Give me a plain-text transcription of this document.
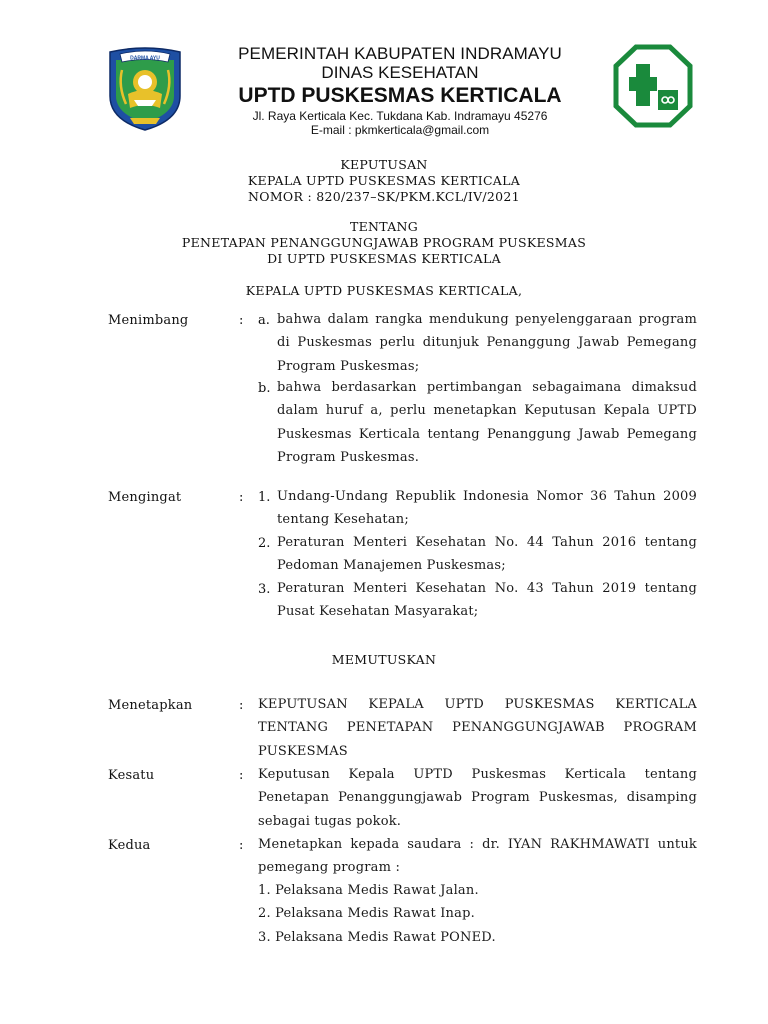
DARMA AYU	PEMERINTAH KABUPATEN INDRAMAYU
DINAS KESEHATAN
UPTD PUSKESMAS KERTICALA
Jl. Raya Kerticala Kec. Tukdana Kab. Indramayu 45276
E-mail : pkmkerticala@gmail.com
KEPUTUSAN
KEPALA UPTD PUSKESMAS KERTICALA
NOMOR : 820/237–SK/PKM.KCL/IV/2021
TENTANG
PENETAPAN PENANGGUNGJAWAB PROGRAM PUSKESMAS
DI UPTD PUSKESMAS KERTICALA
KEPALA UPTD PUSKESMAS KERTICALA,
Menimbang	: a. bahwa dalam rangka mendukung penyelenggaraan program di Puskesmas perlu ditunjuk Penanggung Jawab Pemegang Program Puskesmas;
b. bahwa berdasarkan pertimbangan sebagaimana dimaksud dalam huruf a, perlu menetapkan Keputusan Kepala UPTD Puskesmas Kerticala tentang Penanggung Jawab Pemegang Program Puskesmas.
Mengingat	: 1. Undang-Undang Republik Indonesia Nomor 36 Tahun 2009 tentang Kesehatan;
2. Peraturan Menteri Kesehatan No. 44 Tahun 2016 tentang Pedoman Manajemen Puskesmas;
3. Peraturan Menteri Kesehatan No. 43 Tahun 2019 tentang Pusat Kesehatan Masyarakat;
MEMUTUSKAN
Menetapkan	: KEPUTUSAN KEPALA UPTD PUSKESMAS KERTICALA TENTANG PENETAPAN PENANGGUNGJAWAB PROGRAM PUSKESMAS
Kesatu	: Keputusan Kepala UPTD Puskesmas Kerticala tentang Penetapan Penanggungjawab Program Puskesmas, disamping sebagai tugas pokok.
Kedua	: Menetapkan kepada saudara : dr. IYAN RAKHMAWATI untuk pemegang program :
1. Pelaksana Medis Rawat Jalan.
2. Pelaksana Medis Rawat Inap.
3. Pelaksana Medis Rawat PONED.
